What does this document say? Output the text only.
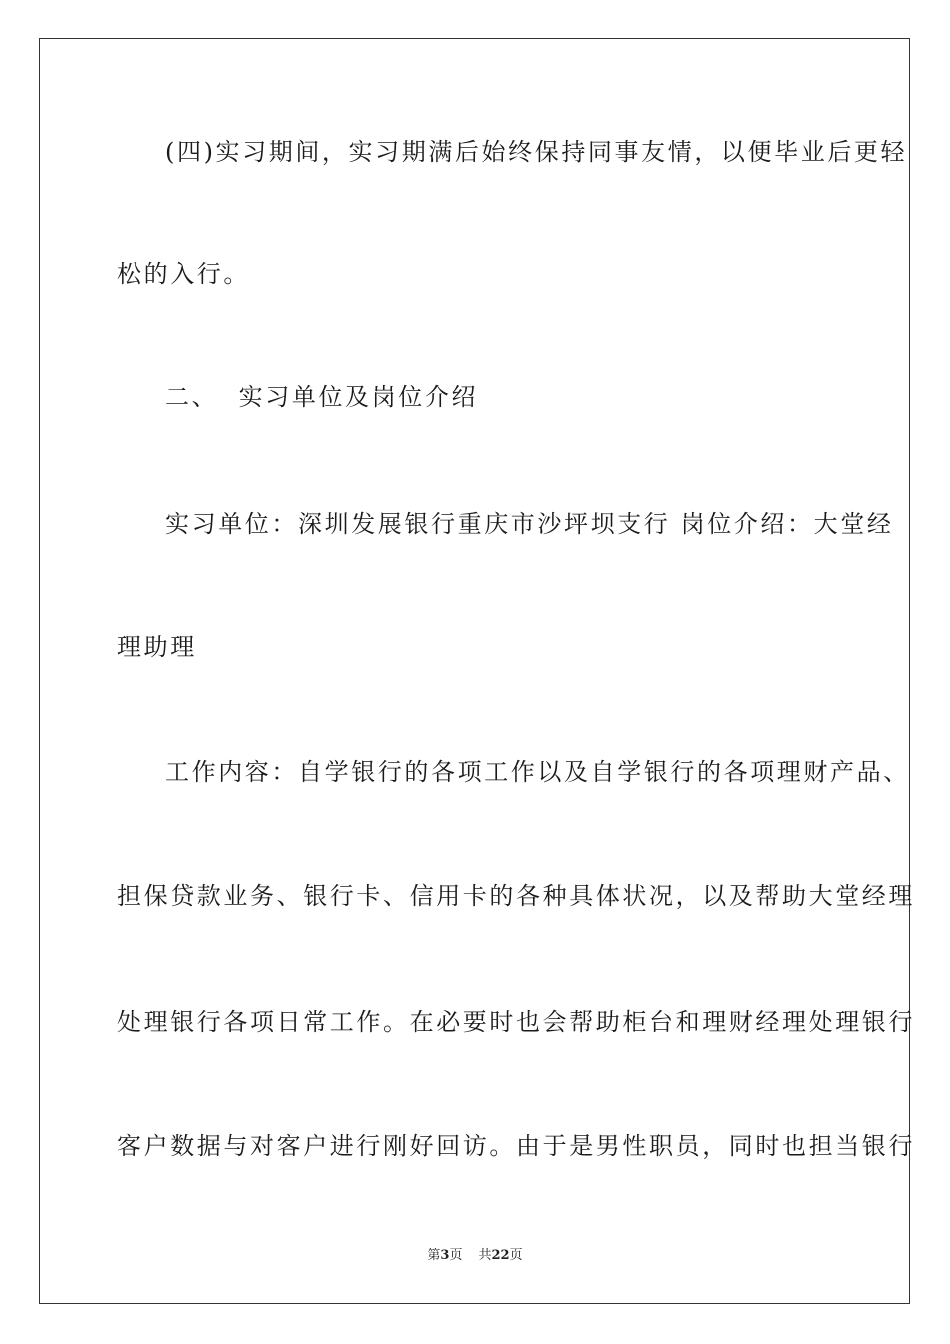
(四)实习期间，实习期满后始终保持同事友情，以便毕业后更轻
松的入行。
二、  实习单位及岗位介绍
实习单位：深圳发展银行重庆市沙坪坝支行 岗位介绍：大堂经
理助理
工作内容：自学银行的各项工作以及自学银行的各项理财产品、
担保贷款业务、银行卡、信用卡的各种具体状况，以及帮助大堂经理
处理银行各项日常工作。在必要时也会帮助柜台和理财经理处理银行
客户数据与对客户进行刚好回访。由于是男性职员，同时也担当银行
第3页 共22页
